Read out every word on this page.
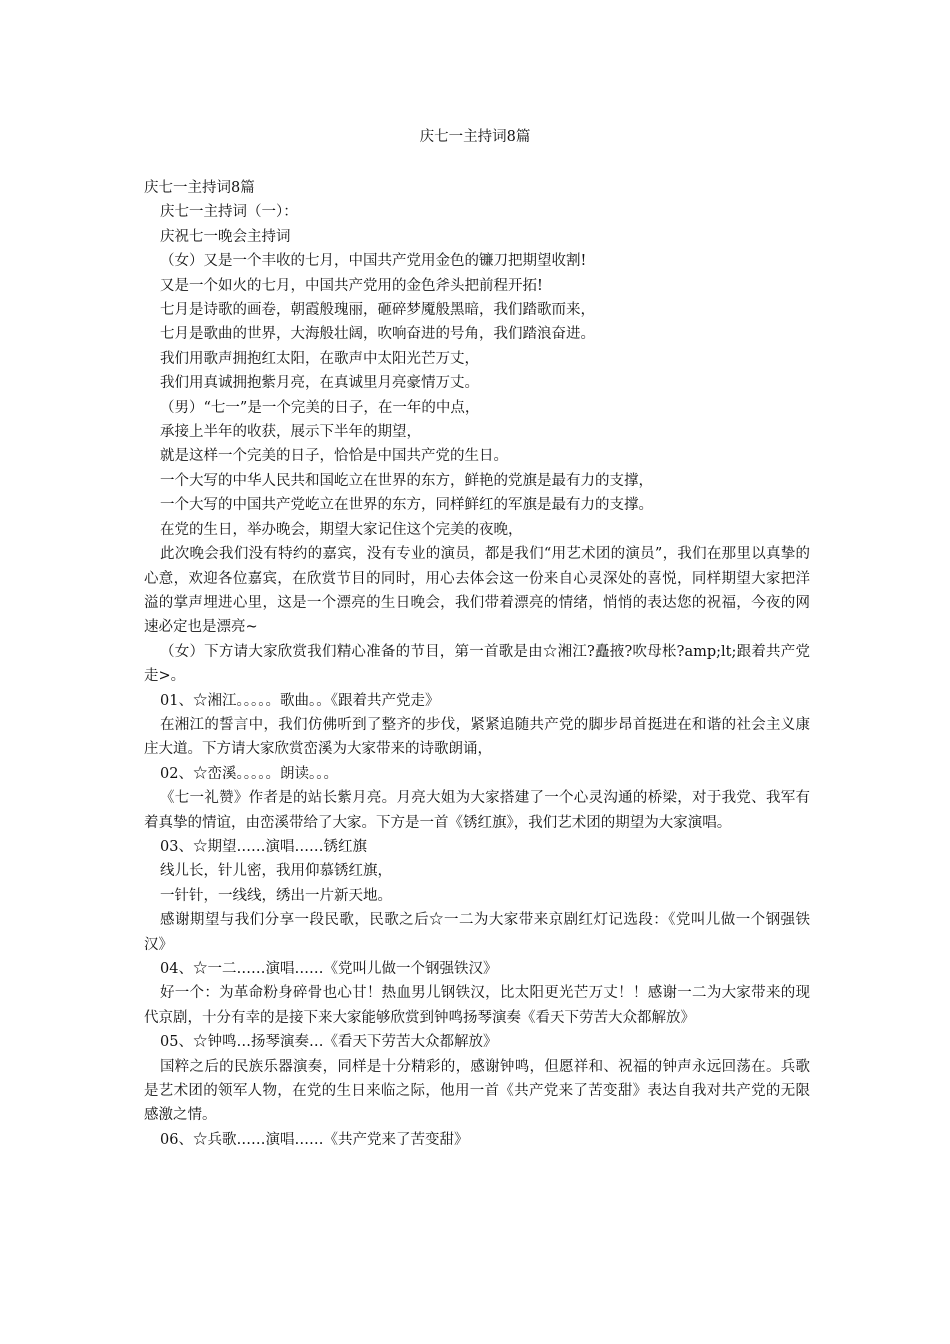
庆七一主持词8篇

庆七一主持词8篇

庆七一主持词（一）：

庆祝七一晚会主持词

（女）又是一个丰收的七月，中国共产党用金色的镰刀把期望收割!

又是一个如火的七月，中国共产党用的金色斧头把前程开拓!

七月是诗歌的画卷，朝霞般瑰丽，砸碎梦魇般黑暗，我们踏歌而来，

七月是歌曲的世界，大海般壮阔，吹响奋进的号角，我们踏浪奋进。

我们用歌声拥抱红太阳，在歌声中太阳光芒万丈，

我们用真诚拥抱紫月亮，在真诚里月亮豪情万丈。

（男）“七一”是一个完美的日子，在一年的中点，

承接上半年的收获，展示下半年的期望，

就是这样一个完美的日子，恰恰是中国共产党的生日。

一个大写的中华人民共和国屹立在世界的东方，鲜艳的党旗是最有力的支撑，

一个大写的中国共产党屹立在世界的东方，同样鲜红的军旗是最有力的支撑。

在党的生日，举办晚会，期望大家记住这个完美的夜晚，

此次晚会我们没有特约的嘉宾，没有专业的演员，都是我们“用艺术团的演员”，我们在那里以真挚的心意，欢迎各位嘉宾，在欣赏节目的同时，用心去体会这一份来自心灵深处的喜悦，同样期望大家把洋溢的掌声埋进心里，这是一个漂亮的生日晚会，我们带着漂亮的情绪，悄悄的表达您的祝福，今夜的网速必定也是漂亮~

（女）下方请大家欣赏我们精心准备的节目，第一首歌是由☆湘江?矗掖?吹母枨?amp;lt;跟着共产党走>。

01、☆湘江。。。。。歌曲。。《跟着共产党走》

在湘江的誓言中，我们仿佛听到了整齐的步伐，紧紧追随共产党的脚步昂首挺进在和谐的社会主义康庄大道。下方请大家欣赏峦溪为大家带来的诗歌朗诵，

02、☆峦溪。。。。。朗读。。。

《七一礼赞》作者是的站长紫月亮。月亮大姐为大家搭建了一个心灵沟通的桥梁，对于我党、我军有着真挚的情谊，由峦溪带给了大家。下方是一首《锈红旗》，我们艺术团的期望为大家演唱。

03、☆期望……演唱……锈红旗

线儿长，针儿密，我用仰慕锈红旗，

一针针，一线线，绣出一片新天地。

感谢期望与我们分享一段民歌，民歌之后☆一二为大家带来京剧红灯记选段：《党叫儿做一个钢强铁汉》

04、☆一二……演唱……《党叫儿做一个钢强铁汉》

好一个：为革命粉身碎骨也心甘！热血男儿钢铁汉，比太阳更光芒万丈！！感谢一二为大家带来的现代京剧，十分有幸的是接下来大家能够欣赏到钟鸣扬琴演奏《看天下劳苦大众都解放》

05、☆钟鸣…扬琴演奏…《看天下劳苦大众都解放》

国粹之后的民族乐器演奏，同样是十分精彩的，感谢钟鸣，但愿祥和、祝福的钟声永远回荡在。兵歌是艺术团的领军人物，在党的生日来临之际，他用一首《共产党来了苦变甜》表达自我对共产党的无限感激之情。

06、☆兵歌……演唱……《共产党来了苦变甜》
